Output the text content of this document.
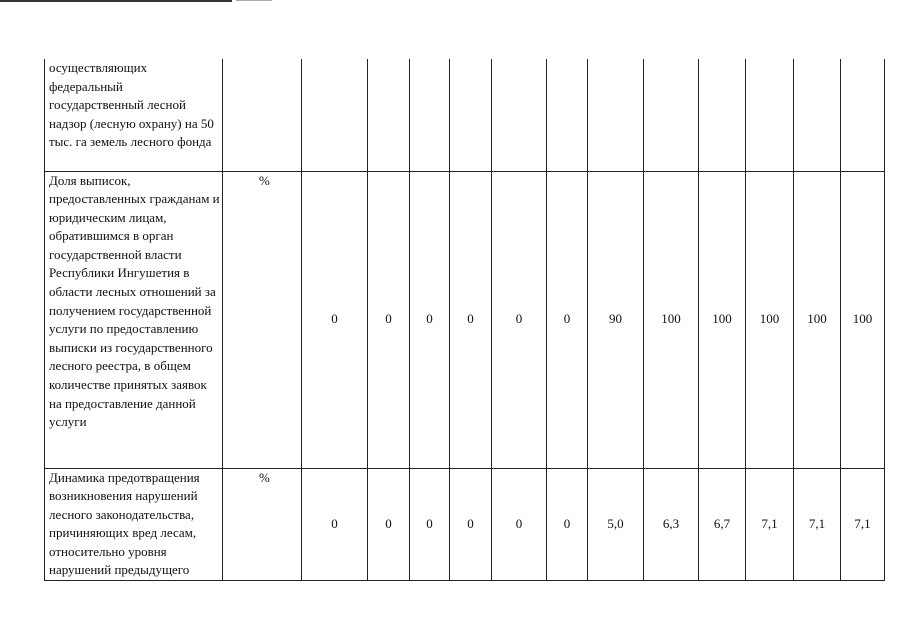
осуществляющих федеральный государственный лесной надзор (лесную охрану) на 50 тыс. га земель лесного фонда													
Доля выписок, предоставленных гражданам и юридическим лицам, обратившимся в орган государственной власти Республики Ингушетия в области лесных отношений за получением государственной услуги по предоставлению выписки из государственного лесного реестра, в общем количестве принятых заявок на предоставление данной услуги	%	0	0	0	0	0	0	90	100	100	100	100	100
Динамика предотвращения возникновения нарушений лесного законодательства, причиняющих вред лесам, относительно уровня нарушений предыдущего	%	0	0	0	0	0	0	5,0	6,3	6,7	7,1	7,1	7,1
